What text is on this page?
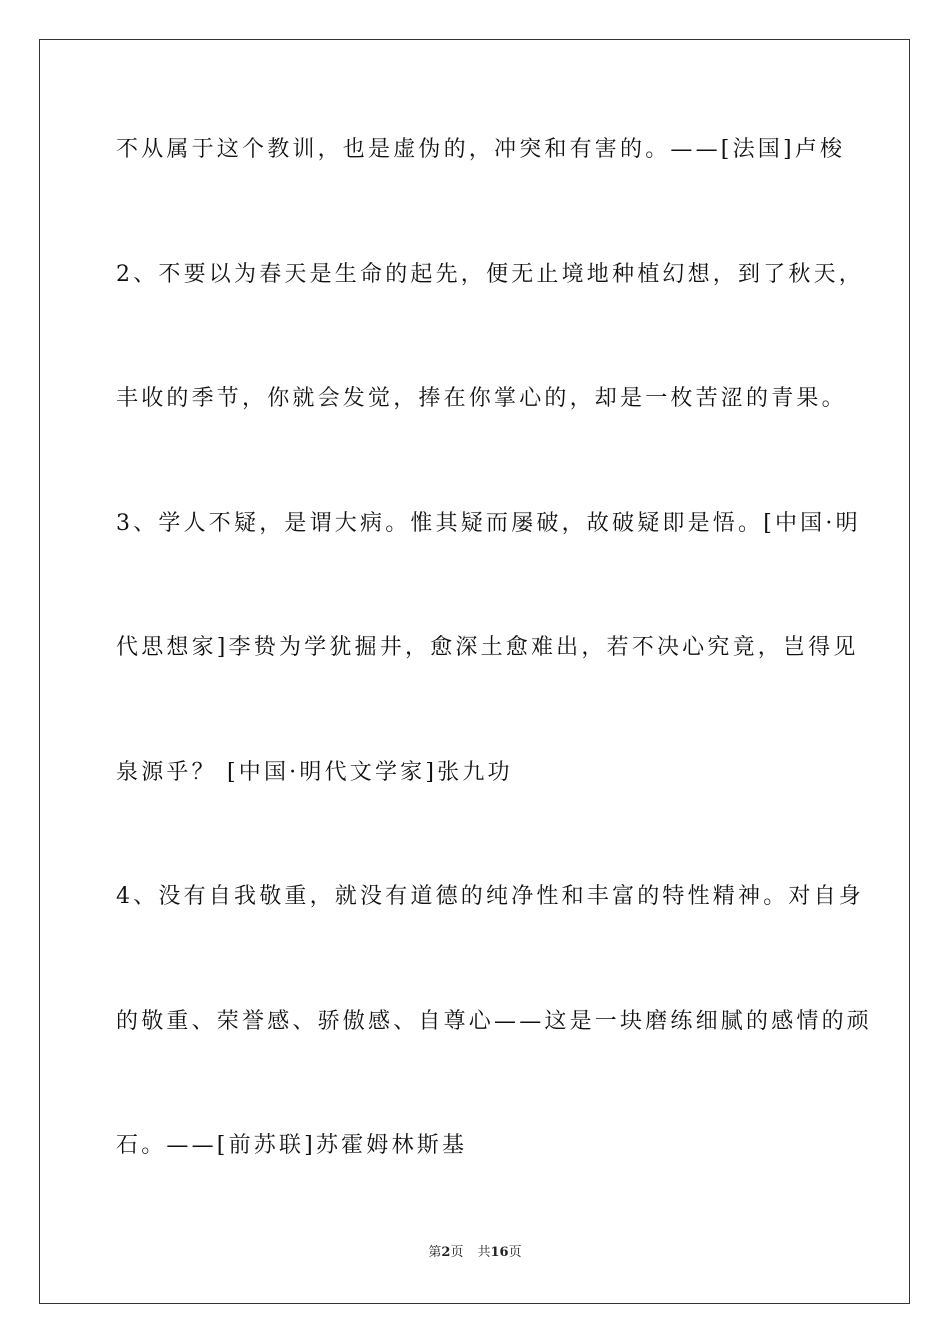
不从属于这个教训，也是虚伪的，冲突和有害的。——[法国]卢梭
2、不要以为春天是生命的起先，便无止境地种植幻想，到了秋天，
丰收的季节，你就会发觉，捧在你掌心的，却是一枚苦涩的青果。
3、学人不疑，是谓大病。惟其疑而屡破，故破疑即是悟。[中国·明
代思想家]李贽为学犹掘井，愈深土愈难出，若不决心究竟，岂得见
泉源乎？ [中国·明代文学家]张九功
4、没有自我敬重，就没有道德的纯净性和丰富的特性精神。对自身
的敬重、荣誉感、骄傲感、自尊心——这是一块磨练细腻的感情的顽
石。——[前苏联]苏霍姆林斯基
第2页 共16页
